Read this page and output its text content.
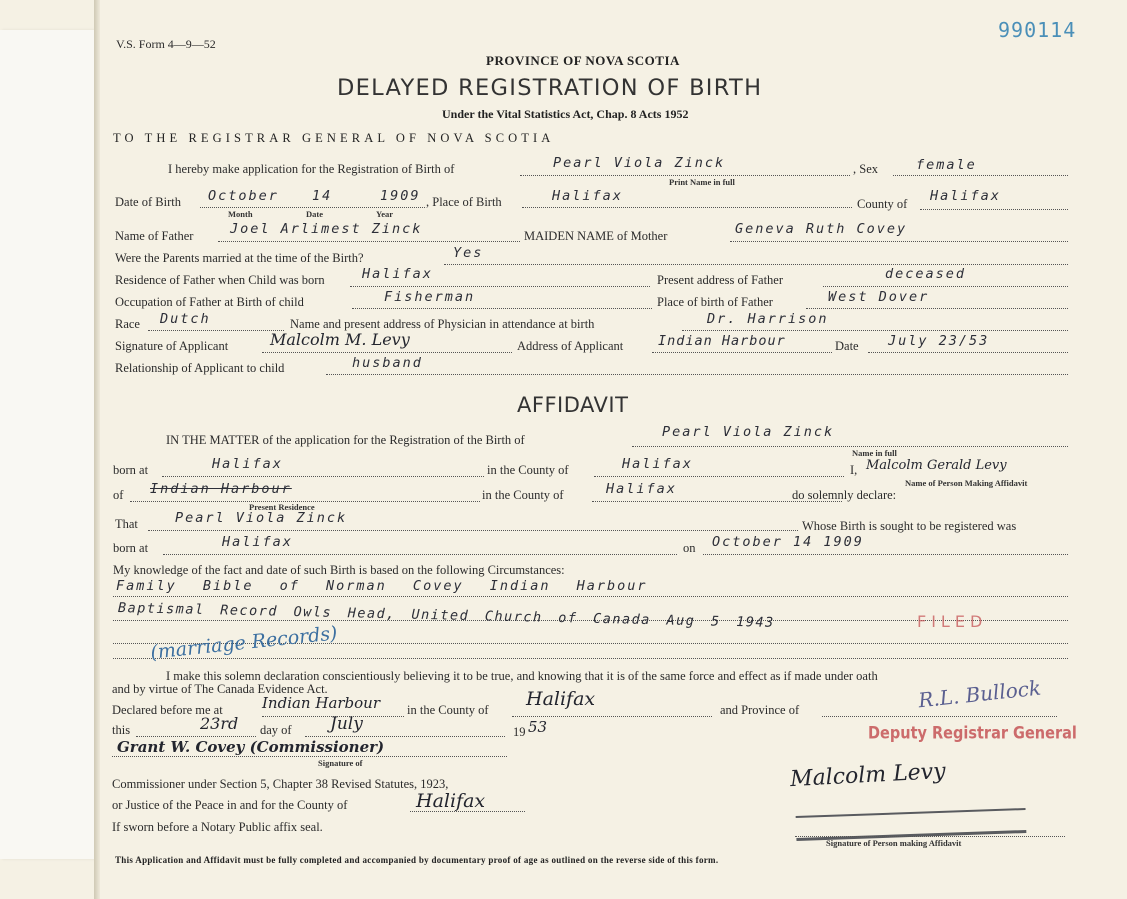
990114
V.S. Form 4—9—52
PROVINCE OF NOVA SCOTIA
DELAYED REGISTRATION OF BIRTH
Under the Vital Statistics Act, Chap. 8 Acts 1952
TO THE REGISTRAR GENERAL OF NOVA SCOTIA
I hereby make application for the Registration of Birth of	Pearl Viola Zinck
Print Name in full
, Sex	female
Date of Birth October 14	1909
Month	Date	Year
, Place of Birth	Halifax	County of Halifax
Name of Father	Joel Arlimest Zinck	MAIDEN NAME of Mother	Geneva Ruth Covey
Were the Parents married at the time of the Birth?	Yes
Residence of Father when Child was born	Halifax	Present address of Father	deceased
Occupation of Father at Birth of child	Fisherman	Place of birth of Father	West Dover
Race Dutch	Name and present address of Physician in attendance at birth	Dr. Harrison
Signature of Applicant	Malcolm M. Levy	Address of Applicant	Indian Harbour	Date July 23/53
Relationship of Applicant to child	husband
AFFIDAVIT
IN THE MATTER of the application for the Registration of the Birth of	Pearl Viola Zinck
Name in full
born at	Halifax	in the County of	Halifax	I, Malcolm Gerald Levy
Name of Person Making Affidavit
of Indian Harbour
Present Residence
in the County of	Halifax	do solemnly declare:
That	Pearl Viola Zinck	Whose Birth is sought to be registered was
born at	Halifax	on October 14 1909
My knowledge of the fact and date of such Birth is based on the following Circumstances:
Family Bible of Norman Covey Indian Harbour
Baptismal Record Owls Head, United Church of Canada Aug 5 1943
(marriage Records)
FILED
I make this solemn declaration conscientiously believing it to be true, and knowing that it is of the same force and effect as if made under oath
and by virtue of The Canada Evidence Act.
Declared before me at	Indian Harbour in the County of Halifax	and Province of	R.L. Bullock
Deputy Registrar General
this	23rd day of July	19 53
Grant W. Covey (Commissioner)
Signature of
Commissioner under Section 5, Chapter 38 Revised Statutes, 1923,
or Justice of the Peace in and for the County of	Halifax
If sworn before a Notary Public affix seal.
Malcolm Levy
Signature of Person making Affidavit
This Application and Affidavit must be fully completed and accompanied by documentary proof of age as outlined on the reverse side of this form.
